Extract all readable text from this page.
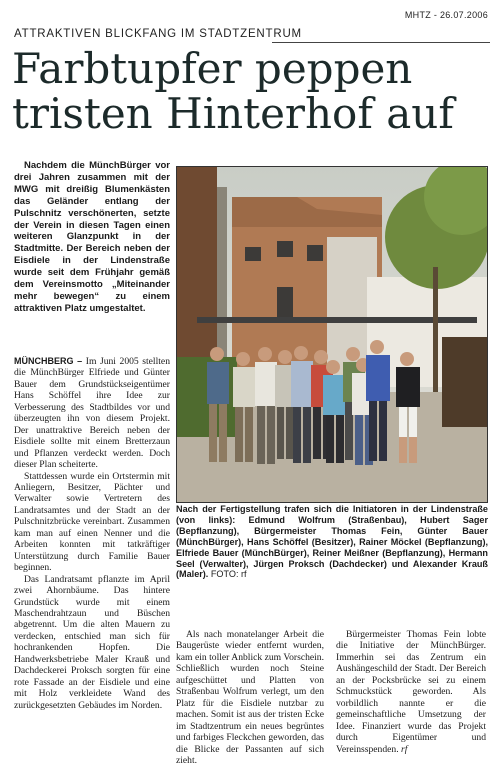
MHTZ - 26.07.2006
ATTRAKTIVEN BLICKFANG IM STADTZENTRUM
Farbtupfer peppen
tristen Hinterhof auf
Nachdem die MünchBürger vor drei Jahren zusammen mit der MWG mit dreißig Blumenkästen das Geländer entlang der Pulschnitz verschönerten, setzte der Verein in diesen Tagen einen weiteren Glanzpunkt in der Stadtmitte. Der Bereich neben der Eisdiele in der Lindenstraße wurde seit dem Frühjahr gemäß dem Vereinsmotto „Miteinander mehr bewegen“ zu einem attraktiven Platz umgestaltet.

Nach der Fertigstellung trafen sich die Initiatoren in der Lindenstraße (von links): Edmund Wolfrum (Straßenbau), Hubert Sager (Bepflanzung), Bürgermeister Thomas Fein, Günter Bauer (MünchBürger), Hans Schöffel (Besitzer), Rainer Möckel (Bepflanzung), Elfriede Bauer (MünchBürger), Reiner Meißner (Bepflanzung), Hermann Seel (Verwalter), Jürgen Proksch (Dachdecker) und Alexander Krauß (Maler). FOTO: rf

MÜNCHBERG – Im Juni 2005 stellten die MünchBürger Elfriede und Günter Bauer dem Grundstückseigentümer Hans Schöffel ihre Idee zur Verbesserung des Stadtbildes vor und überzeugten ihn von diesem Projekt. Der unattraktive Bereich neben der Eisdiele sollte mit einem Bretterzaun und Pflanzen verdeckt werden. Doch dieser Plan scheiterte.

Stattdessen wurde ein Ortstermin mit Anliegern, Besitzer, Pächter und Verwalter sowie Vertretern des Landratsamtes und der Stadt an der Pulschnitzbrücke vereinbart. Zusammen kam man auf einen Nenner und die Arbeiten konnten mit tatkräftiger Unterstützung durch Familie Bauer beginnen.

Das Landratsamt pflanzte im April zwei Ahornbäume. Das hintere Grundstück wurde mit einem Maschendrahtzaun und Büschen abgetrennt. Um die alten Mauern zu verdecken, entschied man sich für hochrankenden Hopfen. Die Handwerksbetriebe Maler Krauß und Dachdeckerei Proksch sorgten für eine rote Fassade an der Eisdiele und eine mit Holz verkleidete Wand des zurückgesetzten Gebäudes im Norden.

Als nach monatelanger Arbeit die Baugerüste wieder entfernt wurden, kam ein toller Anblick zum Vorschein. Schließlich wurden noch Steine aufgeschüttet und Platten von Straßenbau Wolfrum verlegt, um den Platz für die Eisdiele nutzbar zu machen. Somit ist aus der tristen Ecke im Stadtzentrum ein neues begrüntes und farbiges Fleckchen geworden, das die Blicke der Passanten auf sich zieht.

Bürgermeister Thomas Fein lobte die Initiative der MünchBürger. Immerhin sei das Zentrum ein Aushängeschild der Stadt. Der Bereich an der Pocksbrücke sei zu einem Schmuckstück geworden. Als vorbildlich nannte er die gemeinschaftliche Umsetzung der Idee. Finanziert wurde das Projekt durch Eigentümer und Vereinsspenden. rf
